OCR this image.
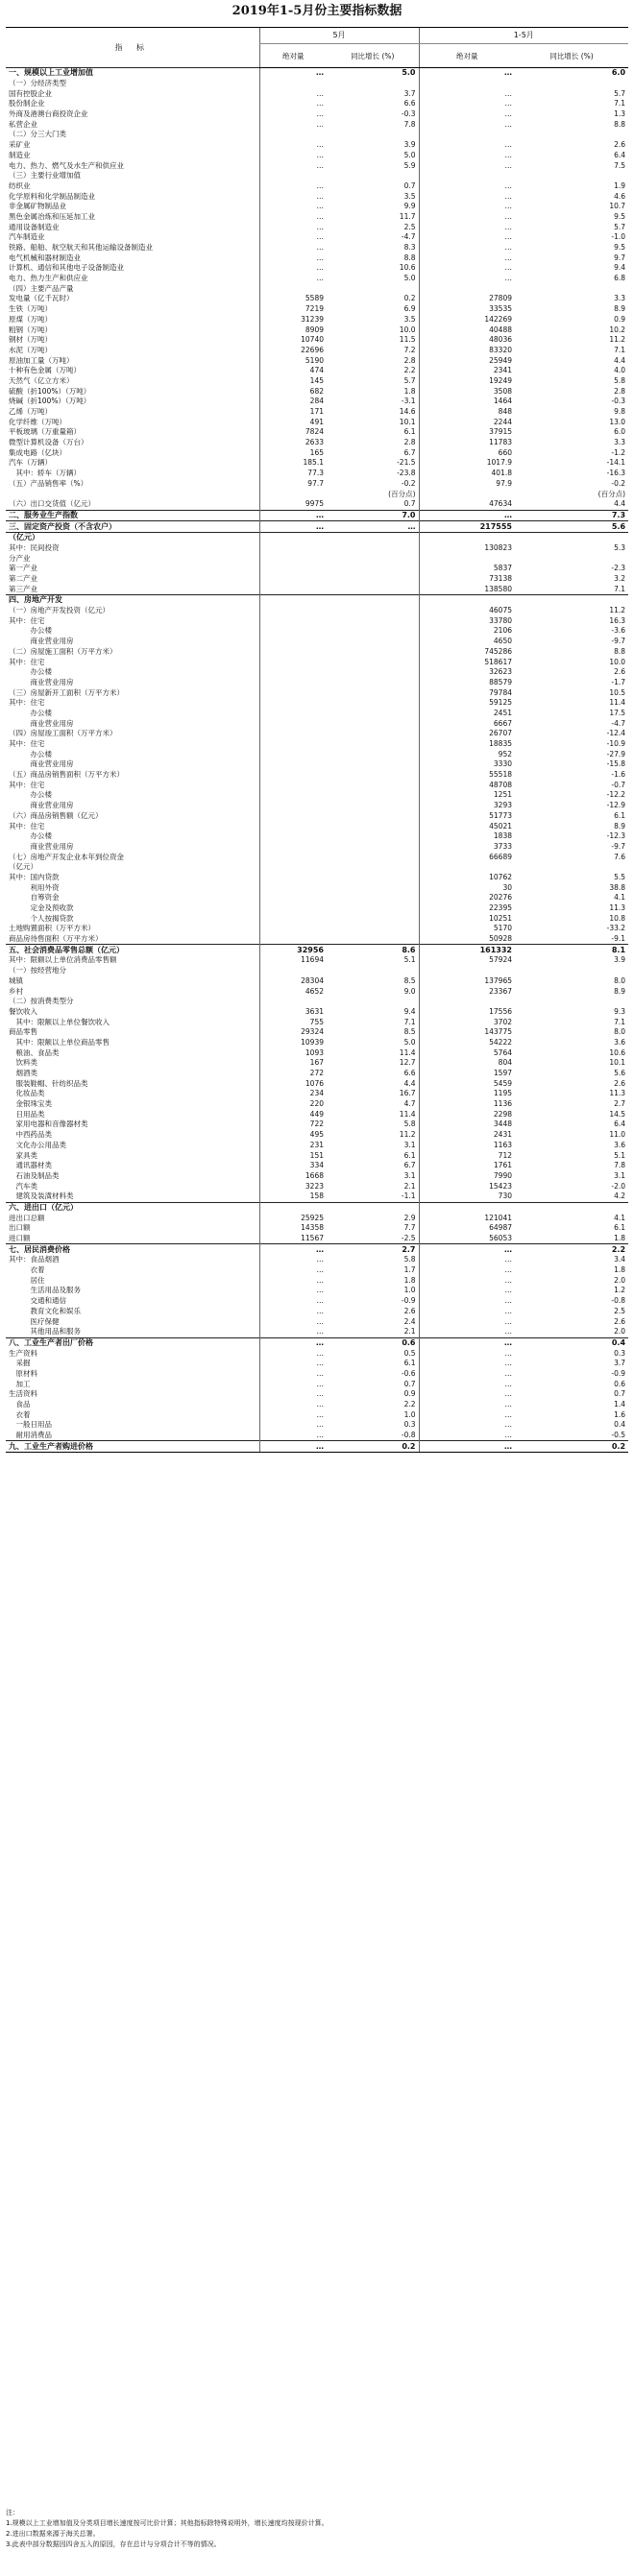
2019年1-5月份主要指标数据
指 标	5月		1-5月	
	绝对量	同比增长 (%)	绝对量	同比增长 (%)
一、规模以上工业增加值	…	5.0	…	6.0
（一）分经济类型				
国有控股企业	…	3.7	…	5.7
股份制企业	…	6.6	…	7.1
外商及港澳台商投资企业	…	-0.3	…	1.3
私营企业	…	7.8	…	8.8
（二）分三大门类				
采矿业	…	3.9	…	2.6
制造业	…	5.0	…	6.4
电力、热力、燃气及水生产和供应业	…	5.9	…	7.5
（三）主要行业增加值				
纺织业	…	0.7	…	1.9
化学原料和化学制品制造业	…	3.5	…	4.6
非金属矿物制品业	…	9.9	…	10.7
黑色金属冶炼和压延加工业	…	11.7	…	9.5
通用设备制造业	…	2.5	…	5.7
汽车制造业	…	-4.7	…	-1.0
铁路、船舶、航空航天和其他运输设备制造业	…	8.3	…	9.5
电气机械和器材制造业	…	8.8	…	9.7
计算机、通信和其他电子设备制造业	…	10.6	…	9.4
电力、热力生产和供应业	…	5.0	…	6.8
（四）主要产品产量				
发电量（亿千瓦时）	5589	0.2	27809	3.3
生铁（万吨）	7219	6.9	33535	8.9
原煤（万吨）	31239	3.5	142269	0.9
粗钢（万吨）	8909	10.0	40488	10.2
钢材（万吨）	10740	11.5	48036	11.2
水泥（万吨）	22696	7.2	83320	7.1
原油加工量（万吨）	5190	2.8	25949	4.4
十种有色金属（万吨）	474	2.2	2341	4.0
天然气（亿立方米）	145	5.7	19249	5.8
硫酸（折100%）（万吨）	682	1.8	3508	2.8
烧碱（折100%）（万吨）	284	-3.1	1464	-0.3
乙烯（万吨）	171	14.6	848	9.8
化学纤维（万吨）	491	10.1	2244	13.0
平板玻璃（万重量箱）	7824	6.1	37915	6.0
微型计算机设备（万台）	2633	2.8	11783	3.3
集成电路（亿块）	165	6.7	660	-1.2
汽车（万辆）	185.1	-21.5	1017.9	-14.1
　其中：轿车（万辆）	77.3	-23.8	401.8	-16.3
（五）产品销售率（%）	97.7	-0.2	97.9	-0.2
		(百分点)		(百分点)
（六）出口交货值（亿元）	9975	0.7	47634	4.4
二、服务业生产指数	…	7.0	…	7.3
三、固定资产投资（不含农户）	…	…	217555	5.6
（亿元）				
其中：民间投资			130823	5.3
分产业				
第一产业			5837	-2.3
第二产业			73138	3.2
第三产业			138580	7.1
四、房地产开发				
（一）房地产开发投资（亿元）			46075	11.2
其中：住宅			33780	16.3
　　　办公楼			2106	-3.6
　　　商业营业用房			4650	-9.7
（二）房屋施工面积（万平方米）			745286	8.8
其中：住宅			518617	10.0
　　　办公楼			32623	2.6
　　　商业营业用房			88579	-1.7
（三）房屋新开工面积（万平方米）			79784	10.5
其中：住宅			59125	11.4
　　　办公楼			2451	17.5
　　　商业营业用房			6667	-4.7
（四）房屋竣工面积（万平方米）			26707	-12.4
其中：住宅			18835	-10.9
　　　办公楼			952	-27.9
　　　商业营业用房			3330	-15.8
（五）商品房销售面积（万平方米）			55518	-1.6
其中：住宅			48708	-0.7
　　　办公楼			1251	-12.2
　　　商业营业用房			3293	-12.9
（六）商品房销售额（亿元）			51773	6.1
其中：住宅			45021	8.9
　　　办公楼			1838	-12.3
　　　商业营业用房			3733	-9.7
（七）房地产开发企业本年到位资金			66689	7.6
（亿元）				
其中：国内贷款			10762	5.5
　　　利用外资			30	38.8
　　　自筹资金			20276	4.1
　　　定金及预收款			22395	11.3
　　　个人按揭贷款			10251	10.8
土地购置面积（万平方米）			5170	-33.2
商品房待售面积（万平方米）			50928	-9.1
五、社会消费品零售总额（亿元）	32956	8.6	161332	8.1
其中：限额以上单位消费品零售额	11694	5.1	57924	3.9
（一）按经营地分				
城镇	28304	8.5	137965	8.0
乡村	4652	9.0	23367	8.9
（二）按消费类型分				
餐饮收入	3631	9.4	17556	9.3
　其中：限额以上单位餐饮收入	755	7.1	3702	7.1
商品零售	29324	8.5	143775	8.0
　其中：限额以上单位商品零售	10939	5.0	54222	3.6
　粮油、食品类	1093	11.4	5764	10.6
　饮料类	167	12.7	804	10.1
　烟酒类	272	6.6	1597	5.6
　服装鞋帽、针纺织品类	1076	4.4	5459	2.6
　化妆品类	234	16.7	1195	11.3
　金银珠宝类	220	4.7	1136	2.7
　日用品类	449	11.4	2298	14.5
　家用电器和音像器材类	722	5.8	3448	6.4
　中西药品类	495	11.2	2431	11.0
　文化办公用品类	231	3.1	1163	3.6
　家具类	151	6.1	712	5.1
　通讯器材类	334	6.7	1761	7.8
　石油及制品类	1668	3.1	7990	3.1
　汽车类	3223	2.1	15423	-2.0
　建筑及装潢材料类	158	-1.1	730	4.2
六、进出口（亿元）				
进出口总额	25925	2.9	121041	4.1
出口额	14358	7.7	64987	6.1
进口额	11567	-2.5	56053	1.8
七、居民消费价格	…	2.7	…	2.2
其中：食品烟酒	…	5.8	…	3.4
　　　衣着	…	1.7	…	1.8
　　　居住	…	1.8	…	2.0
　　　生活用品及服务	…	1.0	…	1.2
　　　交通和通信	…	-0.9	…	-0.8
　　　教育文化和娱乐	…	2.6	…	2.5
　　　医疗保健	…	2.4	…	2.6
　　　其他用品和服务	…	2.1	…	2.0
八、工业生产者出厂价格	…	0.6	…	0.4
生产资料	…	0.5	…	0.3
　采掘	…	6.1	…	3.7
　原材料	…	-0.6	…	-0.9
　加工	…	0.7	…	0.6
生活资料	…	0.9	…	0.7
　食品	…	2.2	…	1.4
　衣着	…	1.0	…	1.6
　一般日用品	…	0.3	…	0.4
　耐用消费品	…	-0.8	…	-0.5
九、工业生产者购进价格	…	0.2	…	0.2
注：
1.规模以上工业增加值及分类项目增长速度按可比价计算；其他指标除特殊说明外，增长速度均按现价计算。
2.进出口数据来源于海关总署。
3.此表中部分数据因四舍五入的原因，存在总计与分项合计不等的情况。
